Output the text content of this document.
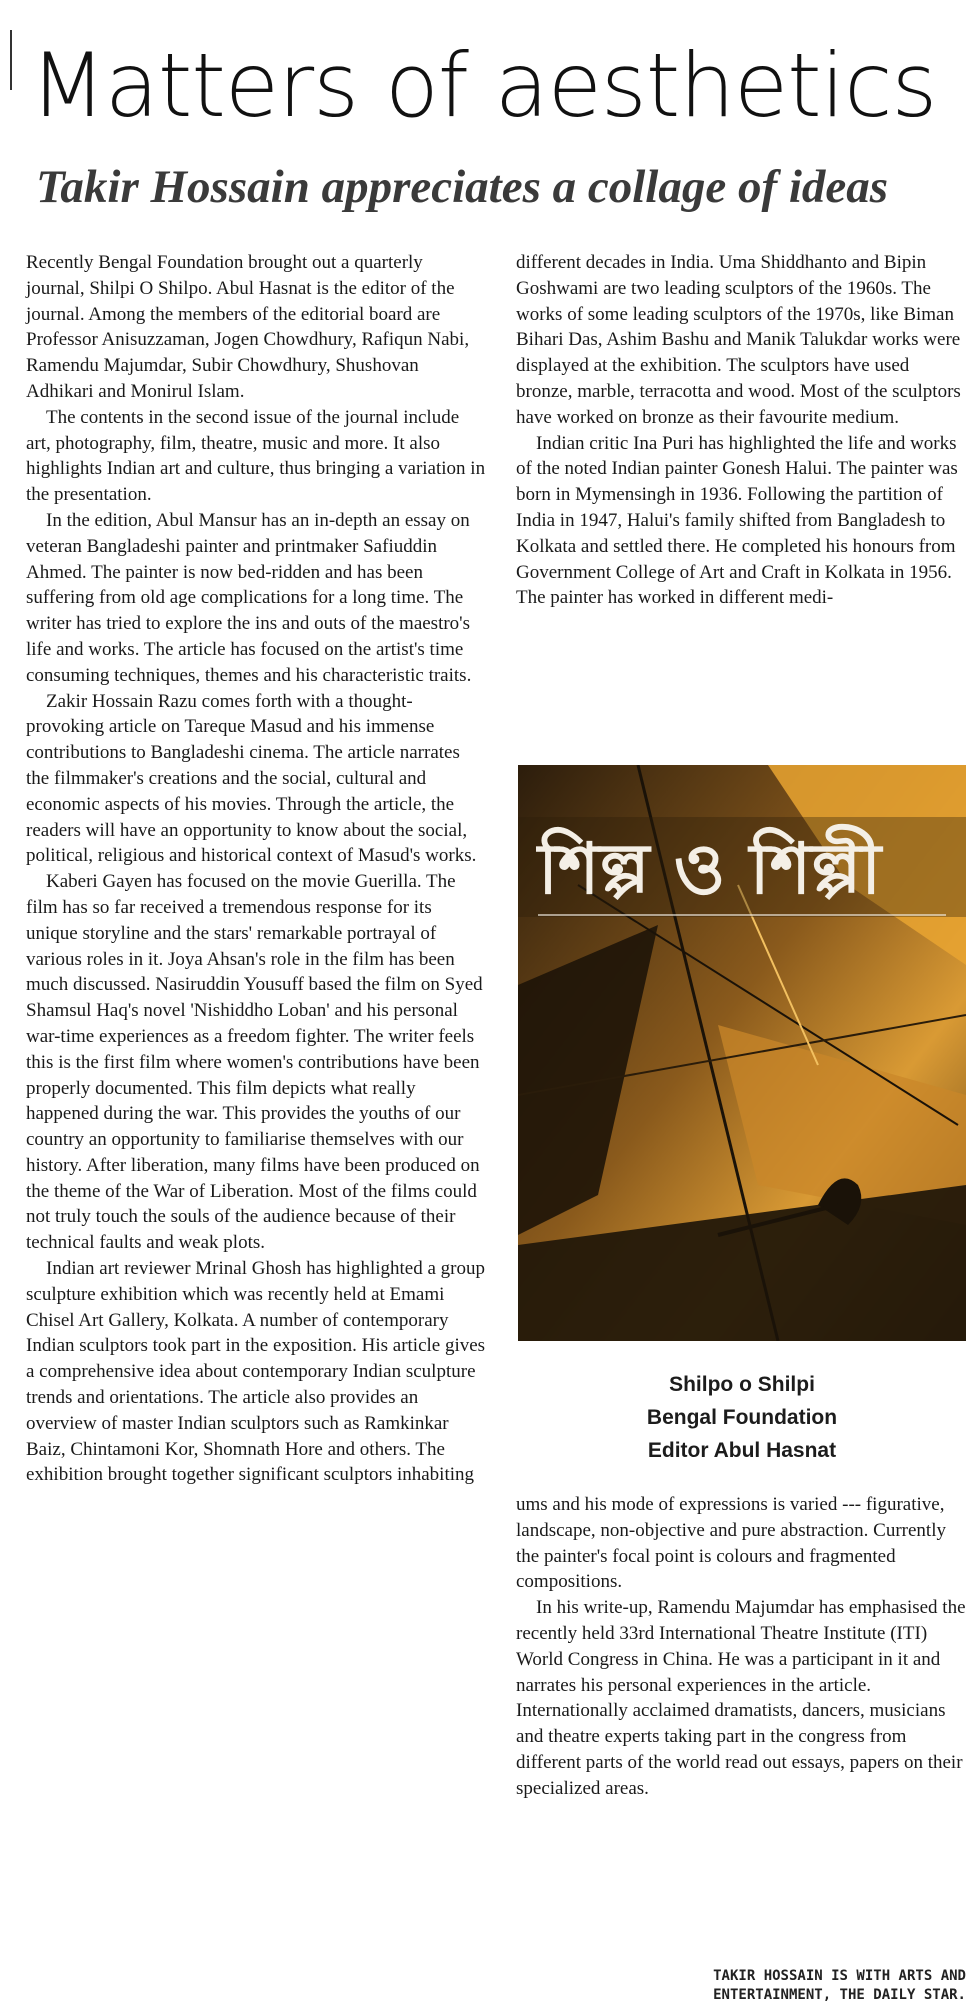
Matters of aesthetics
Takir Hossain appreciates a collage of ideas

Recently Bengal Foundation brought out a quarterly journal, Shilpi O Shilpo. Abul Hasnat is the editor of the journal. Among the members of the editorial board are Professor Anisuzzaman, Jogen Chowdhury, Rafiqun Nabi, Ramendu Majumdar, Subir Chowdhury, Shushovan Adhikari and Monirul Islam.

The contents in the second issue of the journal include art, photography, film, theatre, music and more. It also highlights Indian art and culture, thus bringing a variation in the presentation.

In the edition, Abul Mansur has an in-depth an essay on veteran Bangladeshi painter and printmaker Safiuddin Ahmed. The painter is now bed-ridden and has been suffering from old age complications for a long time. The writer has tried to explore the ins and outs of the maestro's life and works. The article has focused on the artist's time consuming techniques, themes and his characteristic traits.

Zakir Hossain Razu comes forth with a thought-provoking article on Tareque Masud and his immense contributions to Bangladeshi cinema. The article narrates the filmmaker's creations and the social, cultural and economic aspects of his movies. Through the article, the readers will have an opportunity to know about the social, political, religious and historical context of Masud's works.

Kaberi Gayen has focused on the movie Guerilla. The film has so far received a tremendous response for its unique storyline and the stars' remarkable portrayal of various roles in it. Joya Ahsan's role in the film has been much discussed. Nasiruddin Yousuff based the film on Syed Shamsul Haq's novel 'Nishiddho Loban' and his personal war-time experiences as a freedom fighter. The writer feels this is the first film where women's contributions have been properly documented. This film depicts what really happened during the war. This provides the youths of our country an opportunity to familiarise themselves with our history. After liberation, many films have been produced on the theme of the War of Liberation. Most of the films could not truly touch the souls of the audience because of their technical faults and weak plots.

Indian art reviewer Mrinal Ghosh has highlighted a group sculpture exhibition which was recently held at Emami Chisel Art Gallery, Kolkata. A number of contemporary Indian sculptors took part in the exposition. His article gives a comprehensive idea about contemporary Indian sculpture trends and orientations. The article also provides an overview of master Indian sculptors such as Ramkinkar Baiz, Chintamoni Kor, Shomnath Hore and others. The exhibition brought together significant sculptors inhabiting

different decades in India. Uma Shiddhanto and Bipin Goshwami are two leading sculptors of the 1960s. The works of some leading sculptors of the 1970s, like Biman Bihari Das, Ashim Bashu and Manik Talukdar works were displayed at the exhibition. The sculptors have used bronze, marble, terracotta and wood. Most of the sculptors have worked on bronze as their favourite medium.

Indian critic Ina Puri has highlighted the life and works of the noted Indian painter Gonesh Halui. The painter was born in Mymensingh in 1936. Following the partition of India in 1947, Halui's family shifted from Bangladesh to Kolkata and settled there. He completed his honours from Government College of Art and Craft in Kolkata in 1956. The painter has worked in different medi-

শিল্প ও শিল্পী
Shilpo o Shilpi
Bengal Foundation
Editor Abul Hasnat

ums and his mode of expressions is varied --- figurative, landscape, non-objective and pure abstraction. Currently the painter's focal point is colours and fragmented compositions.

In his write-up, Ramendu Majumdar has emphasised the recently held 33rd International Theatre Institute (ITI) World Congress in China. He was a participant in it and narrates his personal experiences in the article. Internationally acclaimed dramatists, dancers, musicians and theatre experts taking part in the congress from different parts of the world read out essays, papers on their specialized areas.

TAKIR HOSSAIN IS WITH ARTS AND
ENTERTAINMENT, THE DAILY STAR.
